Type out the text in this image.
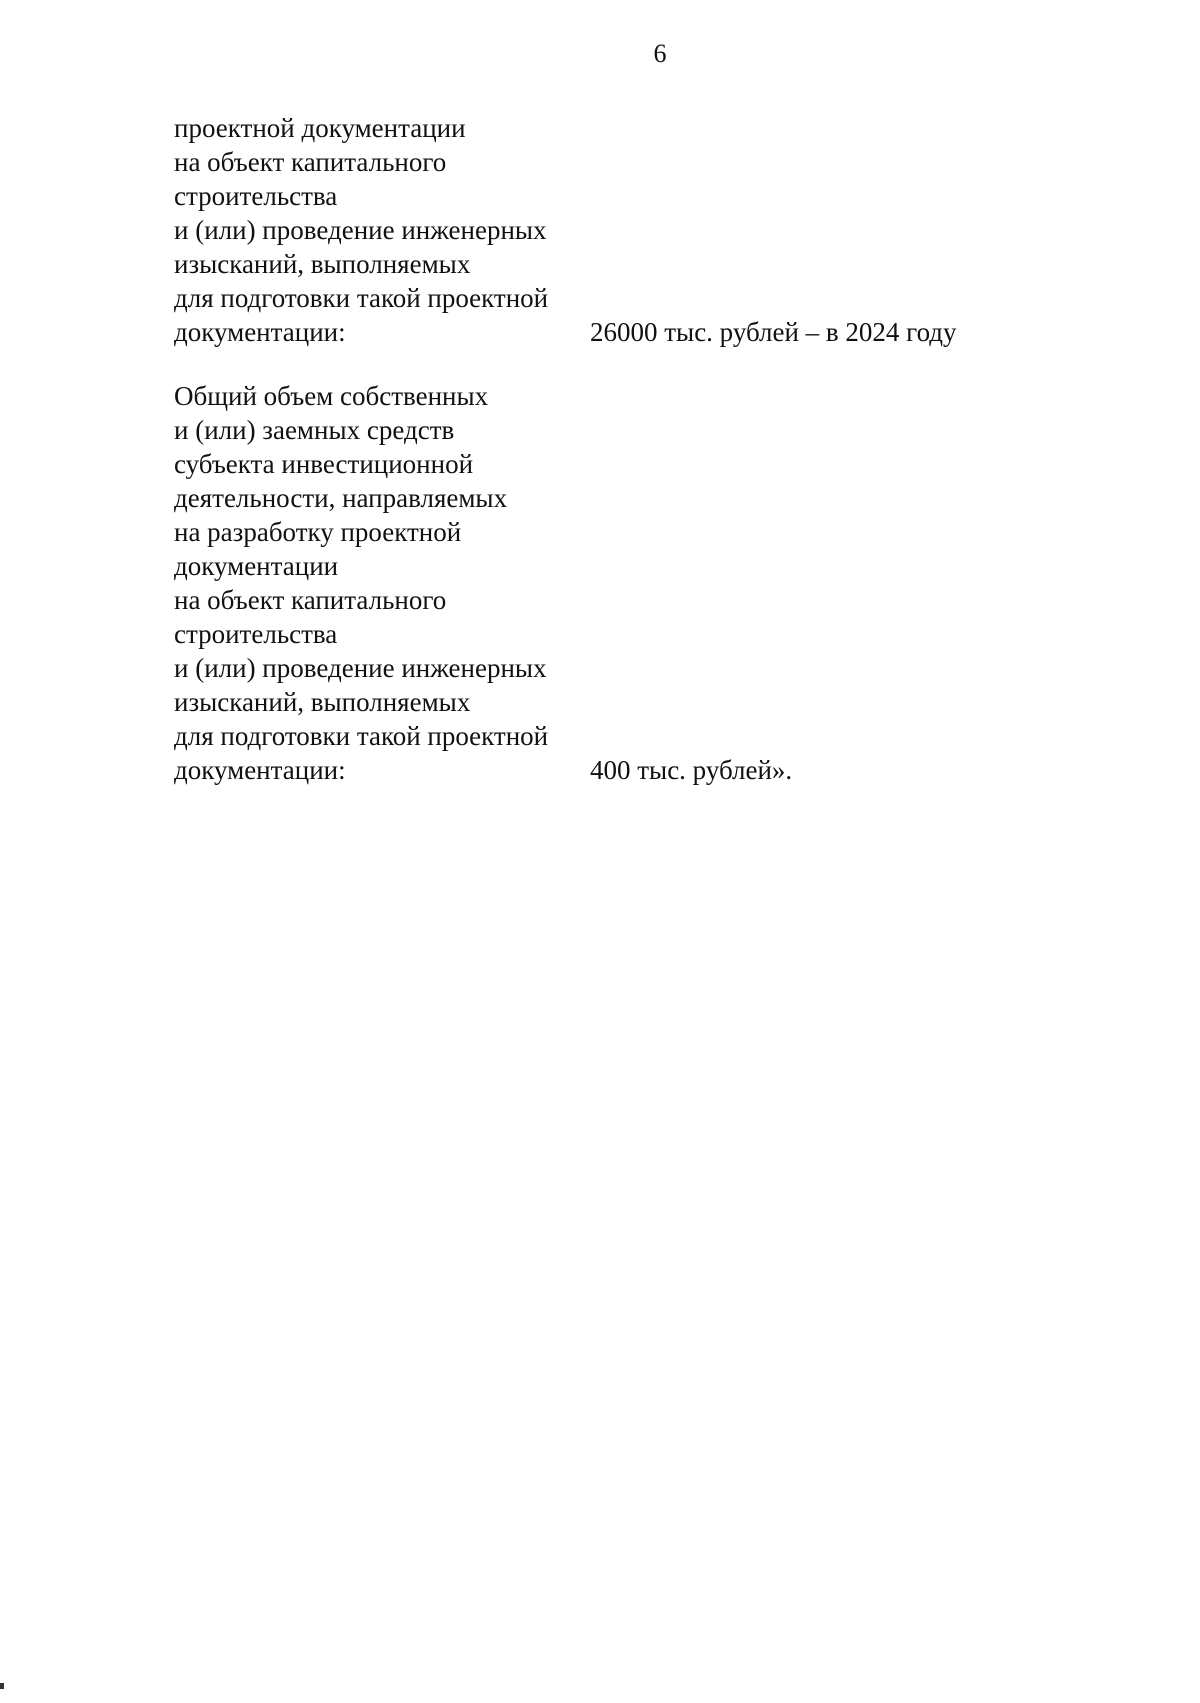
6
проектной документации
на объект капитального
строительства
и (или) проведение инженерных
изысканий, выполняемых
для подготовки такой проектной
документации:	26000 тыс. рублей – в 2024 году
Общий объем собственных
и (или) заемных средств
субъекта инвестиционной
деятельности, направляемых
на разработку проектной
документации
на объект капитального
строительства
и (или) проведение инженерных
изысканий, выполняемых
для подготовки такой проектной
документации:	400 тыс. рублей».
